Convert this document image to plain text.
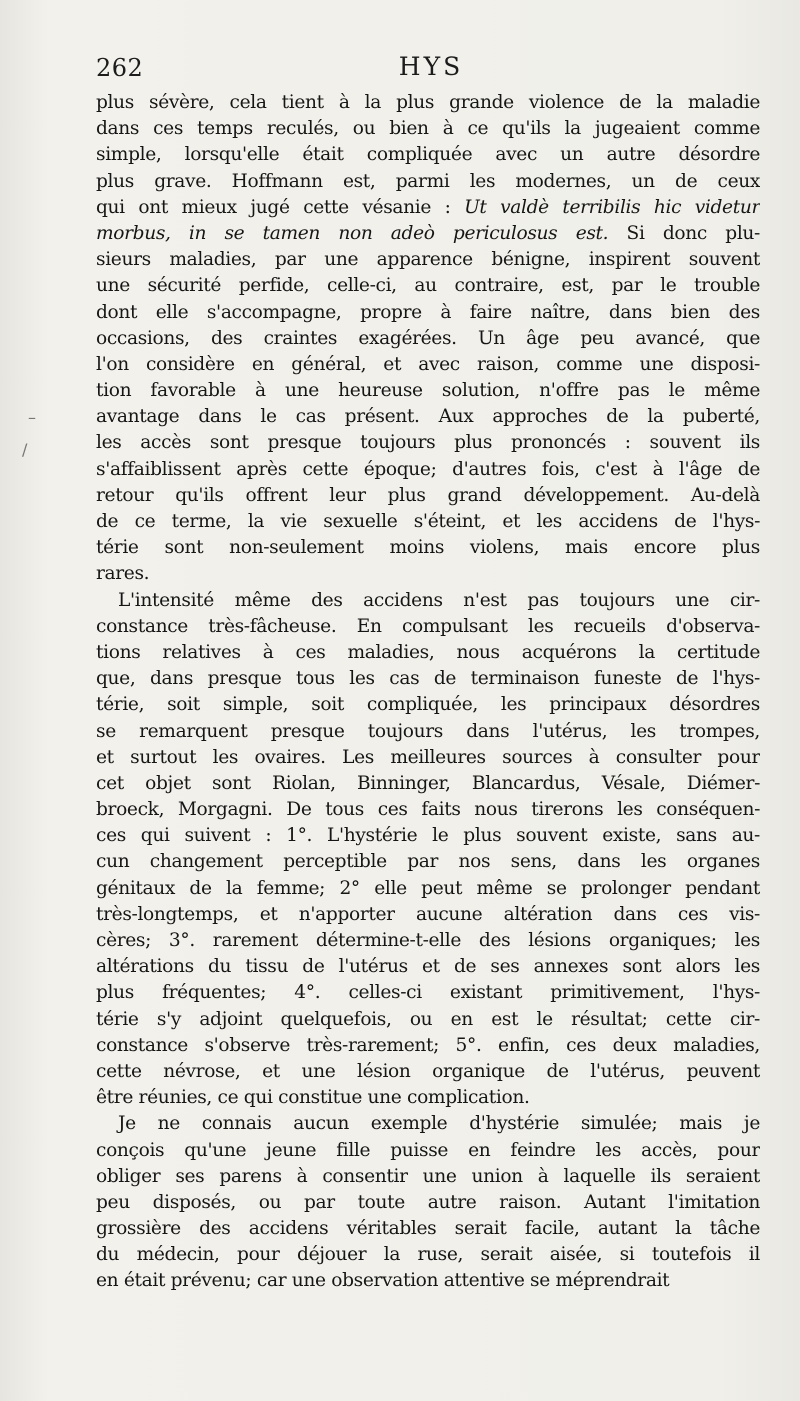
262	HYS
plus sévère, cela tient à la plus grande violence de la maladie
dans ces temps reculés, ou bien à ce qu'ils la jugeaient comme
simple, lorsqu'elle était compliquée avec un autre désordre
plus grave. Hoffmann est, parmi les modernes, un de ceux
qui ont mieux jugé cette vésanie : Ut valdè terribilis hic videtur
morbus, in se tamen non adeò periculosus est. Si donc plu-
sieurs maladies, par une apparence bénigne, inspirent souvent
une sécurité perfide, celle-ci, au contraire, est, par le trouble
dont elle s'accompagne, propre à faire naître, dans bien des
occasions, des craintes exagérées. Un âge peu avancé, que
l'on considère en général, et avec raison, comme une disposi-
tion favorable à une heureuse solution, n'offre pas le même
avantage dans le cas présent. Aux approches de la puberté,
les accès sont presque toujours plus prononcés : souvent ils
s'affaiblissent après cette époque; d'autres fois, c'est à l'âge de
retour qu'ils offrent leur plus grand développement. Au-delà
de ce terme, la vie sexuelle s'éteint, et les accidens de l'hys-
térie sont non-seulement moins violens, mais encore plus
rares.
L'intensité même des accidens n'est pas toujours une cir-
constance très-fâcheuse. En compulsant les recueils d'observa-
tions relatives à ces maladies, nous acquérons la certitude
que, dans presque tous les cas de terminaison funeste de l'hys-
térie, soit simple, soit compliquée, les principaux désordres
se remarquent presque toujours dans l'utérus, les trompes,
et surtout les ovaires. Les meilleures sources à consulter pour
cet objet sont Riolan, Binninger, Blancardus, Vésale, Diémer-
broeck, Morgagni. De tous ces faits nous tirerons les conséquen-
ces qui suivent : 1°. L'hystérie le plus souvent existe, sans au-
cun changement perceptible par nos sens, dans les organes
génitaux de la femme; 2° elle peut même se prolonger pendant
très-longtemps, et n'apporter aucune altération dans ces vis-
cères; 3°. rarement détermine-t-elle des lésions organiques; les
altérations du tissu de l'utérus et de ses annexes sont alors les
plus fréquentes; 4°. celles-ci existant primitivement, l'hys-
térie s'y adjoint quelquefois, ou en est le résultat; cette cir-
constance s'observe très-rarement; 5°. enfin, ces deux maladies,
cette névrose, et une lésion organique de l'utérus, peuvent
être réunies, ce qui constitue une complication.
Je ne connais aucun exemple d'hystérie simulée; mais je
conçois qu'une jeune fille puisse en feindre les accès, pour
obliger ses parens à consentir une union à laquelle ils seraient
peu disposés, ou par toute autre raison. Autant l'imitation
grossière des accidens véritables serait facile, autant la tâche
du médecin, pour déjouer la ruse, serait aisée, si toutefois il
en était prévenu; car une observation attentive se méprendrait
–
/
